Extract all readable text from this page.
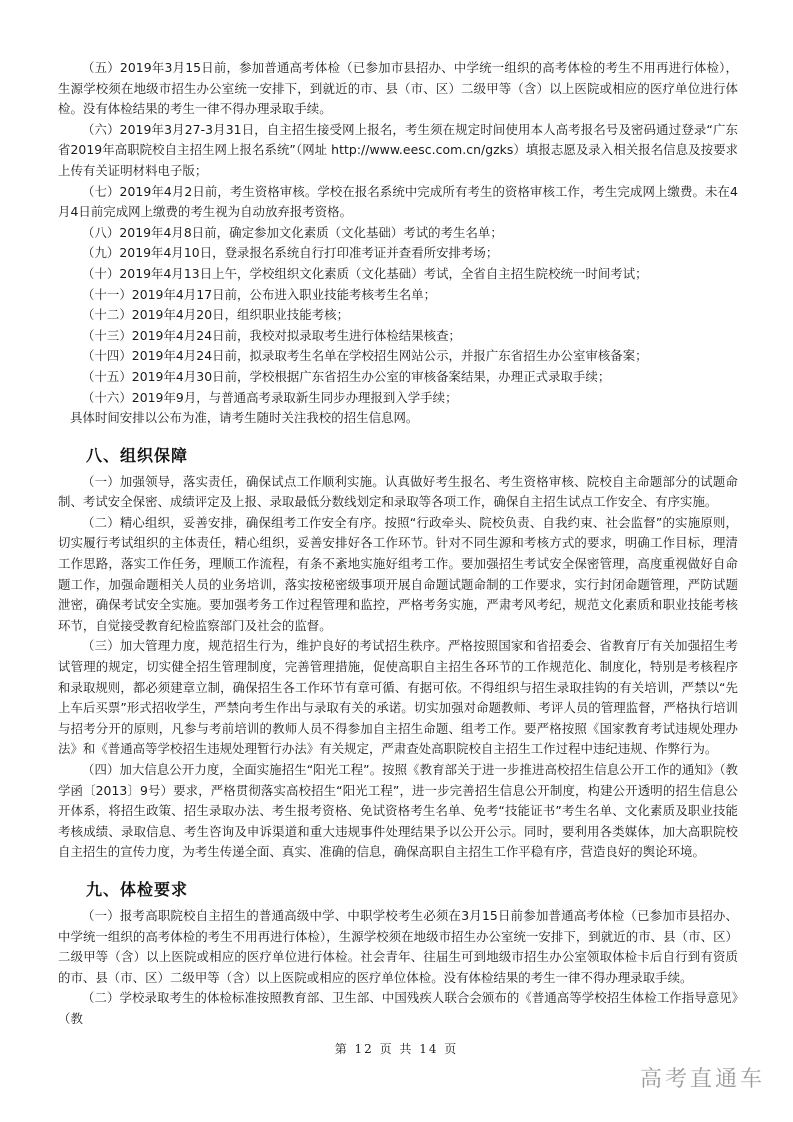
（五）2019年3月15日前，参加普通高考体检（已参加市县招办、中学统一组织的高考体检的考生不用再进行体检），生源学校须在地级市招生办公室统一安排下，到就近的市、县（市、区）二级甲等（含）以上医院或相应的医疗单位进行体检。没有体检结果的考生一律不得办理录取手续。

（六）2019年3月27-3月31日，自主招生接受网上报名，考生须在规定时间使用本人高考报名号及密码通过登录“广东省2019年高职院校自主招生网上报名系统”（网址 http://www.eesc.com.cn/gzks）填报志愿及录入相关报名信息及按要求上传有关证明材料电子版；

（七）2019年4月2日前，考生资格审核。学校在报名系统中完成所有考生的资格审核工作，考生完成网上缴费。未在4月4日前完成网上缴费的考生视为自动放弃报考资格。

（八）2019年4月8日前，确定参加文化素质（文化基础）考试的考生名单；

（九）2019年4月10日，登录报名系统自行打印准考证并查看所安排考场；

（十）2019年4月13日上午，学校组织文化素质（文化基础）考试，全省自主招生院校统一时间考试；

（十一）2019年4月17日前，公布进入职业技能考核考生名单；

（十二）2019年4月20日，组织职业技能考核；

（十三）2019年4月24日前，我校对拟录取考生进行体检结果核查；

（十四）2019年4月24日前，拟录取考生名单在学校招生网站公示，并报广东省招生办公室审核备案；

（十五）2019年4月30日前，学校根据广东省招生办公室的审核备案结果，办理正式录取手续；

（十六）2019年9月，与普通高考录取新生同步办理报到入学手续；

具体时间安排以公布为准，请考生随时关注我校的招生信息网。

八、组织保障

（一）加强领导，落实责任，确保试点工作顺利实施。认真做好考生报名、考生资格审核、院校自主命题部分的试题命制、考试安全保密、成绩评定及上报、录取最低分数线划定和录取等各项工作，确保自主招生试点工作安全、有序实施。

（二）精心组织，妥善安排，确保组考工作安全有序。按照“行政牵头、院校负责、自我约束、社会监督”的实施原则，切实履行考试组织的主体责任，精心组织，妥善安排好各工作环节。针对不同生源和考核方式的要求，明确工作目标，理清工作思路，落实工作任务，理顺工作流程，有条不紊地实施好组考工作。要加强招生考试安全保密管理，高度重视做好自命题工作，加强命题相关人员的业务培训，落实按秘密级事项开展自命题试题命制的工作要求，实行封闭命题管理，严防试题泄密，确保考试安全实施。要加强考务工作过程管理和监控，严格考务实施，严肃考风考纪，规范文化素质和职业技能考核环节，自觉接受教育纪检监察部门及社会的监督。

（三）加大管理力度，规范招生行为，维护良好的考试招生秩序。严格按照国家和省招委会、省教育厅有关加强招生考试管理的规定，切实健全招生管理制度，完善管理措施，促使高职自主招生各环节的工作规范化、制度化，特别是考核程序和录取规则，都必须建章立制，确保招生各工作环节有章可循、有据可依。不得组织与招生录取挂钩的有关培训，严禁以“先上车后买票”形式招收学生，严禁向考生作出与录取有关的承诺。切实加强对命题教师、考评人员的管理监督，严格执行培训与招考分开的原则，凡参与考前培训的教师人员不得参加自主招生命题、组考工作。要严格按照《国家教育考试违规处理办法》和《普通高等学校招生违规处理暂行办法》有关规定，严肃查处高职院校自主招生工作过程中违纪违规、作弊行为。

（四）加大信息公开力度，全面实施招生“阳光工程”。按照《教育部关于进一步推进高校招生信息公开工作的通知》（教学函〔2013〕9号）要求，严格贯彻落实高校招生“阳光工程”，进一步完善招生信息公开制度，构建公开透明的招生信息公开体系，将招生政策、招生录取办法、考生报考资格、免试资格考生名单、免考“技能证书”考生名单、文化素质及职业技能考核成绩、录取信息、考生咨询及申诉渠道和重大违规事件处理结果予以公开公示。同时，要利用各类媒体，加大高职院校自主招生的宣传力度，为考生传递全面、真实、准确的信息，确保高职自主招生工作平稳有序，营造良好的舆论环境。

九、体检要求

（一）报考高职院校自主招生的普通高级中学、中职学校考生必须在3月15日前参加普通高考体检（已参加市县招办、中学统一组织的高考体检的考生不用再进行体检），生源学校须在地级市招生办公室统一安排下，到就近的市、县（市、区）二级甲等（含）以上医院或相应的医疗单位进行体检。社会青年、往届生可到地级市招生办公室领取体检卡后自行到有资质的市、县（市、区）二级甲等（含）以上医院或相应的医疗单位体检。没有体检结果的考生一律不得办理录取手续。

（二）学校录取考生的体检标准按照教育部、卫生部、中国残疾人联合会颁布的《普通高等学校招生体检工作指导意见》（教

第 12 页 共 14 页
高考直通车
